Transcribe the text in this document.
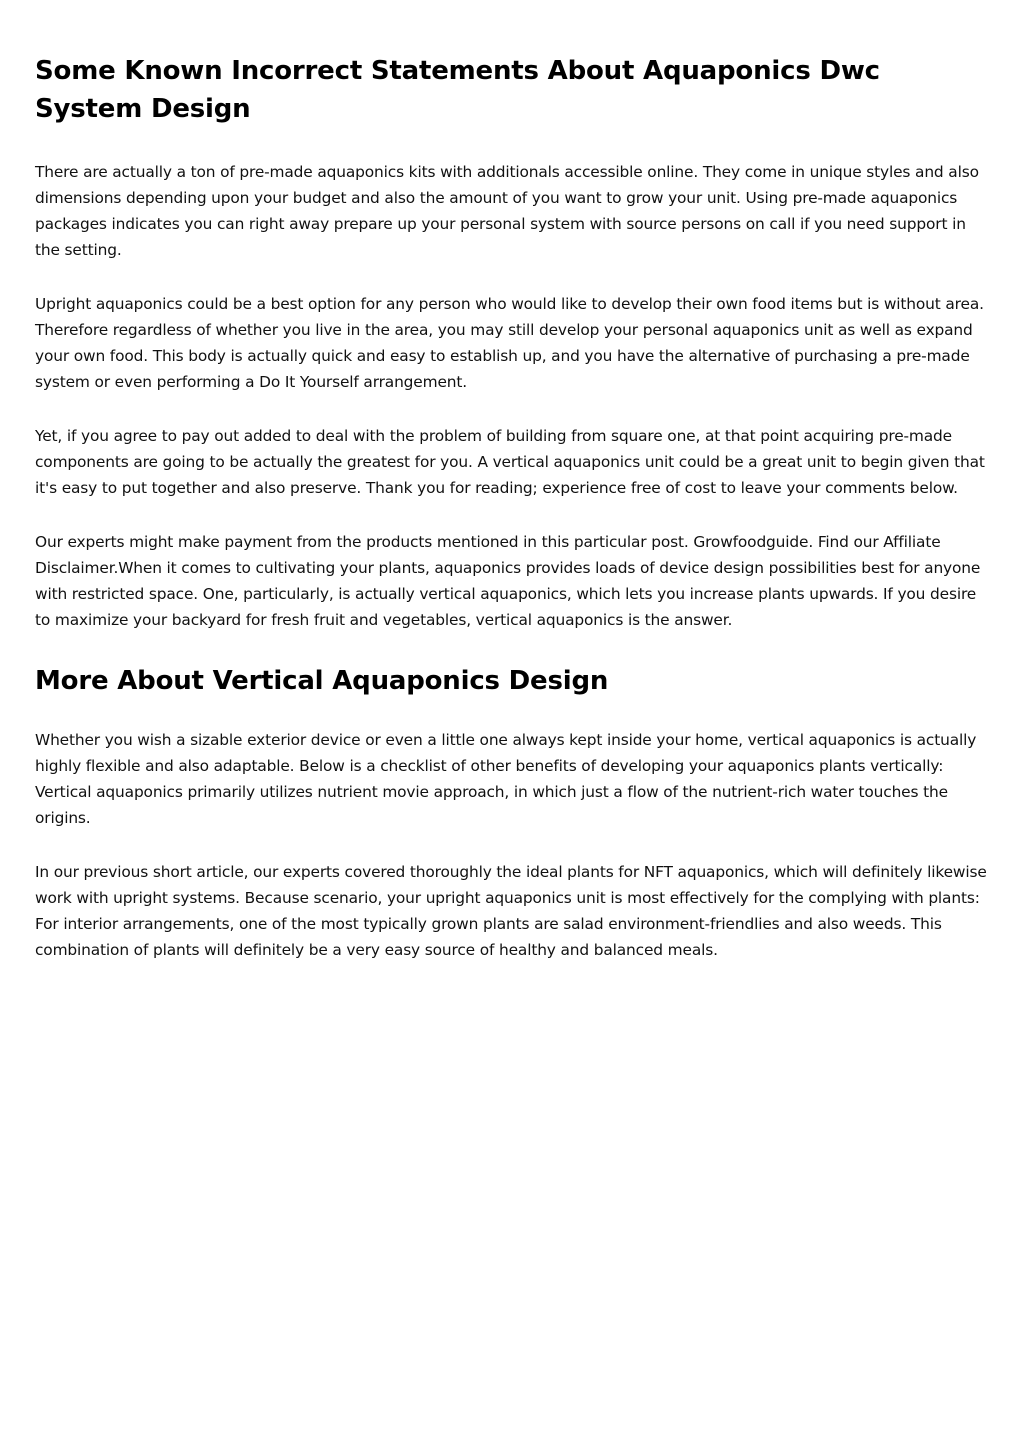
Some Known Incorrect Statements About Aquaponics Dwc System Design

There are actually a ton of pre-made aquaponics kits with additionals accessible online. They come in unique styles and also dimensions depending upon your budget and also the amount of you want to grow your unit. Using pre-made aquaponics packages indicates you can right away prepare up your personal system with source persons on call if you need support in the setting.

Upright aquaponics could be a best option for any person who would like to develop their own food items but is without area. Therefore regardless of whether you live in the area, you may still develop your personal aquaponics unit as well as expand your own food. This body is actually quick and easy to establish up, and you have the alternative of purchasing a pre-made system or even performing a Do It Yourself arrangement.

Yet, if you agree to pay out added to deal with the problem of building from square one, at that point acquiring pre-made components are going to be actually the greatest for you. A vertical aquaponics unit could be a great unit to begin given that it's easy to put together and also preserve. Thank you for reading; experience free of cost to leave your comments below.

Our experts might make payment from the products mentioned in this particular post. Growfoodguide. Find our Affiliate Disclaimer.When it comes to cultivating your plants, aquaponics provides loads of device design possibilities best for anyone with restricted space. One, particularly, is actually vertical aquaponics, which lets you increase plants upwards. If you desire to maximize your backyard for fresh fruit and vegetables, vertical aquaponics is the answer.

More About Vertical Aquaponics Design

Whether you wish a sizable exterior device or even a little one always kept inside your home, vertical aquaponics is actually highly flexible and also adaptable. Below is a checklist of other benefits of developing your aquaponics plants vertically: Vertical aquaponics primarily utilizes nutrient movie approach, in which just a flow of the nutrient-rich water touches the origins.

In our previous short article, our experts covered thoroughly the ideal plants for NFT aquaponics, which will definitely likewise work with upright systems. Because scenario, your upright aquaponics unit is most effectively for the complying with plants: For interior arrangements, one of the most typically grown plants are salad environment-friendlies and also weeds. This combination of plants will definitely be a very easy source of healthy and balanced meals.
